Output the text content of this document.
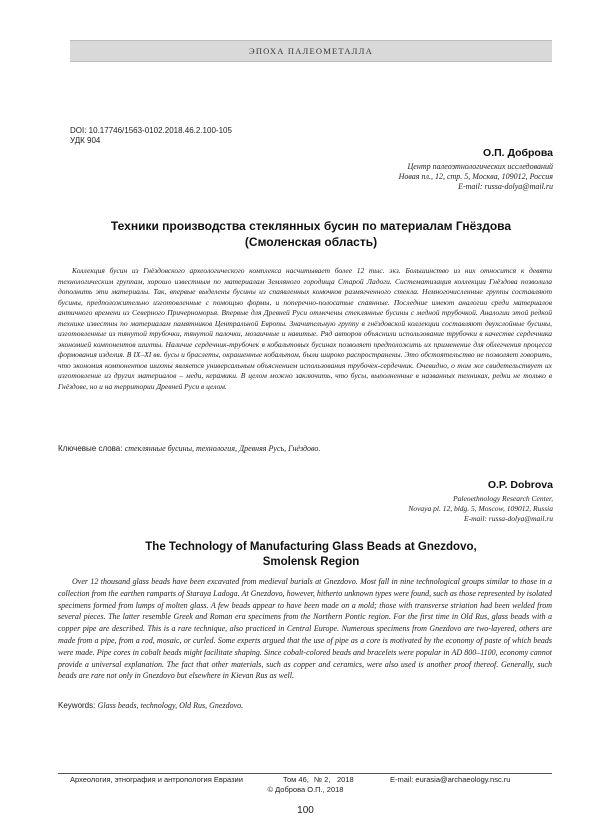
ЭПОХА ПАЛЕОМЕТАЛЛА
DOI: 10.17746/1563-0102.2018.46.2.100-105
УДК 904
О.П. Доброва
Центр палеоэтнологических исследований
Новая пл., 12, стр. 5, Москва, 109012, Россия
E-mail: russa-dolya@mail.ru
Техники производства стеклянных бусин по материалам Гнёздова
(Смоленская область)

Коллекция бусин из Гнёздовского археологического комплекса насчитывает более 12 тыс. экз. Большинство из них относится к девяти технологическим группам, хорошо известным по материалам Земляного городища Старой Ладоги. Систематизация коллекции Гнёздова позволила дополнить эти материалы. Так, впервые выделены бусины из спаявленных комочков размягченного стекла. Немногочисленные группы составляют бусины, предположительно изготовленные с помощью формы, и поперечно-полосатые спаянные. Последние имеют аналогии среди материалов античного времени из Северного Причерноморья. Впервые для Древней Руси отмечены стеклянные бусины с медной трубочкой. Аналогии этой редкой технике известны по материалам памятников Центральной Европы. Значительную группу в гнёздовской коллекции составляют двухслойные бусины, изготовленные из тянутой трубочки, тянутой палочки, мозаичные и навитые. Ряд авторов объяснили использование трубочки в качестве сердечника экономией компонентов шихты. Наличие сердечник-трубочек в кобальтовых бусинах позволяет предположить их применение для облегчения процесса формования изделия. В IX–XI вв. бусы и браслеты, окрашенные кобальтом, были широко распространены. Это обстоятельство не позволяет говорить, что экономия компонентов шихты является универсальным объяснением использования трубочек-сердечник. Очевидно, о том же свидетельствует их изготовление из других материалов – меди, керамики. В целом можно заключить, что бусы, выполненные в названных техниках, редки не только в Гнёздове, но и на территории Древней Руси в целом.

Ключевые слова: стеклянные бусины, технология, Древняя Русь, Гнёздово.
O.P. Dobrova
Paleoethnology Research Center,
Novaya pl. 12, bldg. 5, Moscow, 109012, Russia
E-mail: russa-dolya@mail.ru
The Technology of Manufacturing Glass Beads at Gnezdovo,
Smolensk Region

Over 12 thousand glass beads have been excavated from medieval burials at Gnezdovo. Most fall in nine technological groups similar to those in a collection from the earthen ramparts of Staraya Ladoga. At Gnezdovo, however, hitherto unknown types were found, such as those represented by isolated specimens formed from lumps of molten glass. A few beads appear to have been made on a mold; those with transverse striation had been welded from several pieces. The latter resemble Greek and Roman era specimens from the Northern Pontic region. For the first time in Old Rus, glass beads with a copper pipe are described. This is a rare technique, also practiced in Central Europe. Numerous specimens from Gnezdovo are two-layered, others are made from a pipe, from a rod, mosaic, or curled. Some experts argued that the use of pipe as a core is motivated by the economy of paste of which beads were made. Pipe cores in cobalt beads might facilitate shaping. Since cobalt-colored beads and bracelets were popular in AD 800–1100, economy cannot provide a universal explanation. The fact that other materials, such as copper and ceramics, were also used is another proof thereof. Generally, such beads are rare not only in Gnezdovo but elsewhere in Kievan Rus as well.

Keywords: Glass beads, technology, Old Rus, Gnezdovo.
Археология, этнография и антропология Евразии	Том 46, № 2, 2018	E-mail: eurasia@archaeology.nsc.ru
© Доброва О.П., 2018
100
